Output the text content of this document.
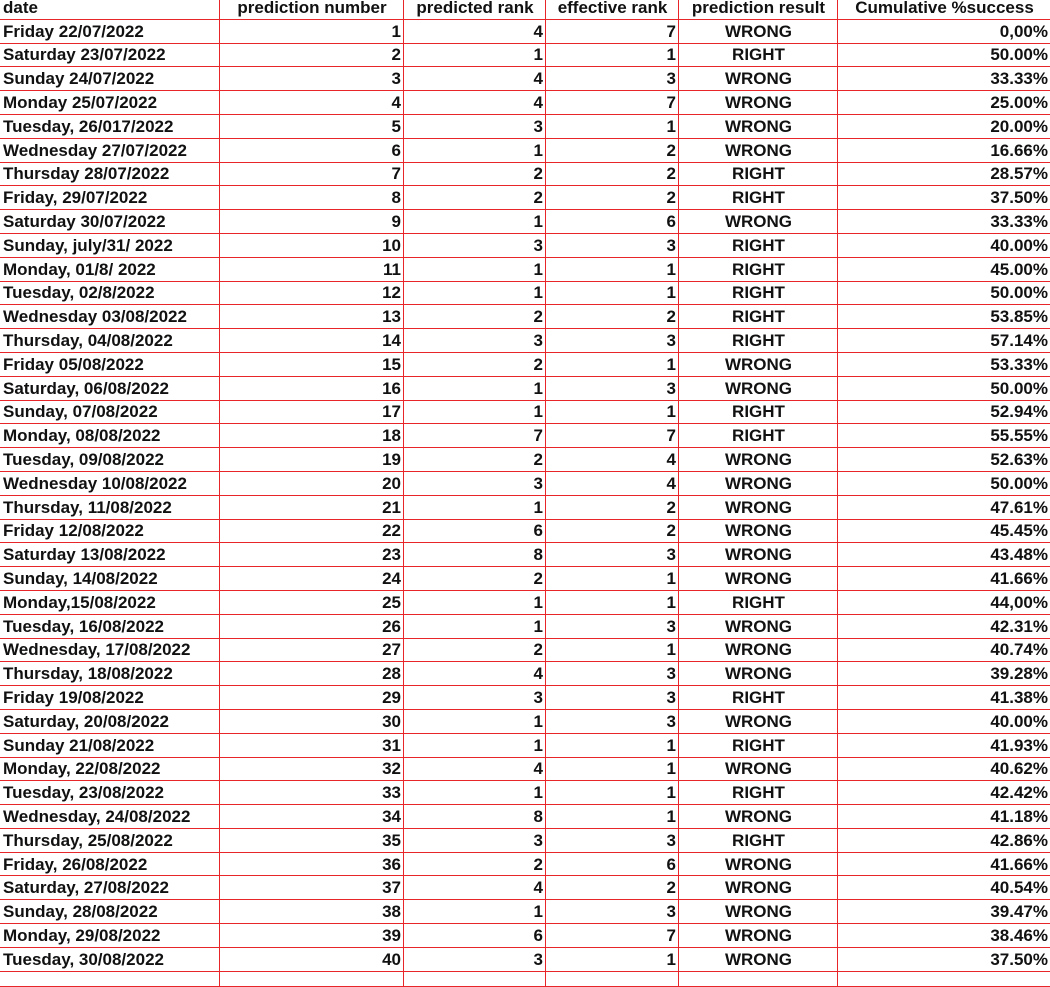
date	prediction number	predicted rank	effective rank	prediction result	Cumulative %success
Friday 22/07/2022	1	4	7	WRONG	0,00%
Saturday 23/07/2022	2	1	1	RIGHT	50.00%
Sunday 24/07/2022	3	4	3	WRONG	33.33%
Monday 25/07/2022	4	4	7	WRONG	25.00%
Tuesday, 26/017/2022	5	3	1	WRONG	20.00%
Wednesday 27/07/2022	6	1	2	WRONG	16.66%
Thursday 28/07/2022	7	2	2	RIGHT	28.57%
Friday, 29/07/2022	8	2	2	RIGHT	37.50%
Saturday 30/07/2022	9	1	6	WRONG	33.33%
Sunday, july/31/ 2022	10	3	3	RIGHT	40.00%
Monday, 01/8/ 2022	11	1	1	RIGHT	45.00%
Tuesday, 02/8/2022	12	1	1	RIGHT	50.00%
Wednesday 03/08/2022	13	2	2	RIGHT	53.85%
Thursday, 04/08/2022	14	3	3	RIGHT	57.14%
Friday 05/08/2022	15	2	1	WRONG	53.33%
Saturday, 06/08/2022	16	1	3	WRONG	50.00%
Sunday, 07/08/2022	17	1	1	RIGHT	52.94%
Monday, 08/08/2022	18	7	7	RIGHT	55.55%
Tuesday, 09/08/2022	19	2	4	WRONG	52.63%
Wednesday 10/08/2022	20	3	4	WRONG	50.00%
Thursday, 11/08/2022	21	1	2	WRONG	47.61%
Friday 12/08/2022	22	6	2	WRONG	45.45%
Saturday 13/08/2022	23	8	3	WRONG	43.48%
Sunday, 14/08/2022	24	2	1	WRONG	41.66%
Monday,15/08/2022	25	1	1	RIGHT	44,00%
Tuesday, 16/08/2022	26	1	3	WRONG	42.31%
Wednesday, 17/08/2022	27	2	1	WRONG	40.74%
Thursday, 18/08/2022	28	4	3	WRONG	39.28%
Friday 19/08/2022	29	3	3	RIGHT	41.38%
Saturday, 20/08/2022	30	1	3	WRONG	40.00%
Sunday 21/08/2022	31	1	1	RIGHT	41.93%
Monday, 22/08/2022	32	4	1	WRONG	40.62%
Tuesday, 23/08/2022	33	1	1	RIGHT	42.42%
Wednesday, 24/08/2022	34	8	1	WRONG	41.18%
Thursday, 25/08/2022	35	3	3	RIGHT	42.86%
Friday, 26/08/2022	36	2	6	WRONG	41.66%
Saturday, 27/08/2022	37	4	2	WRONG	40.54%
Sunday, 28/08/2022	38	1	3	WRONG	39.47%
Monday, 29/08/2022	39	6	7	WRONG	38.46%
Tuesday, 30/08/2022	40	3	1	WRONG	37.50%
